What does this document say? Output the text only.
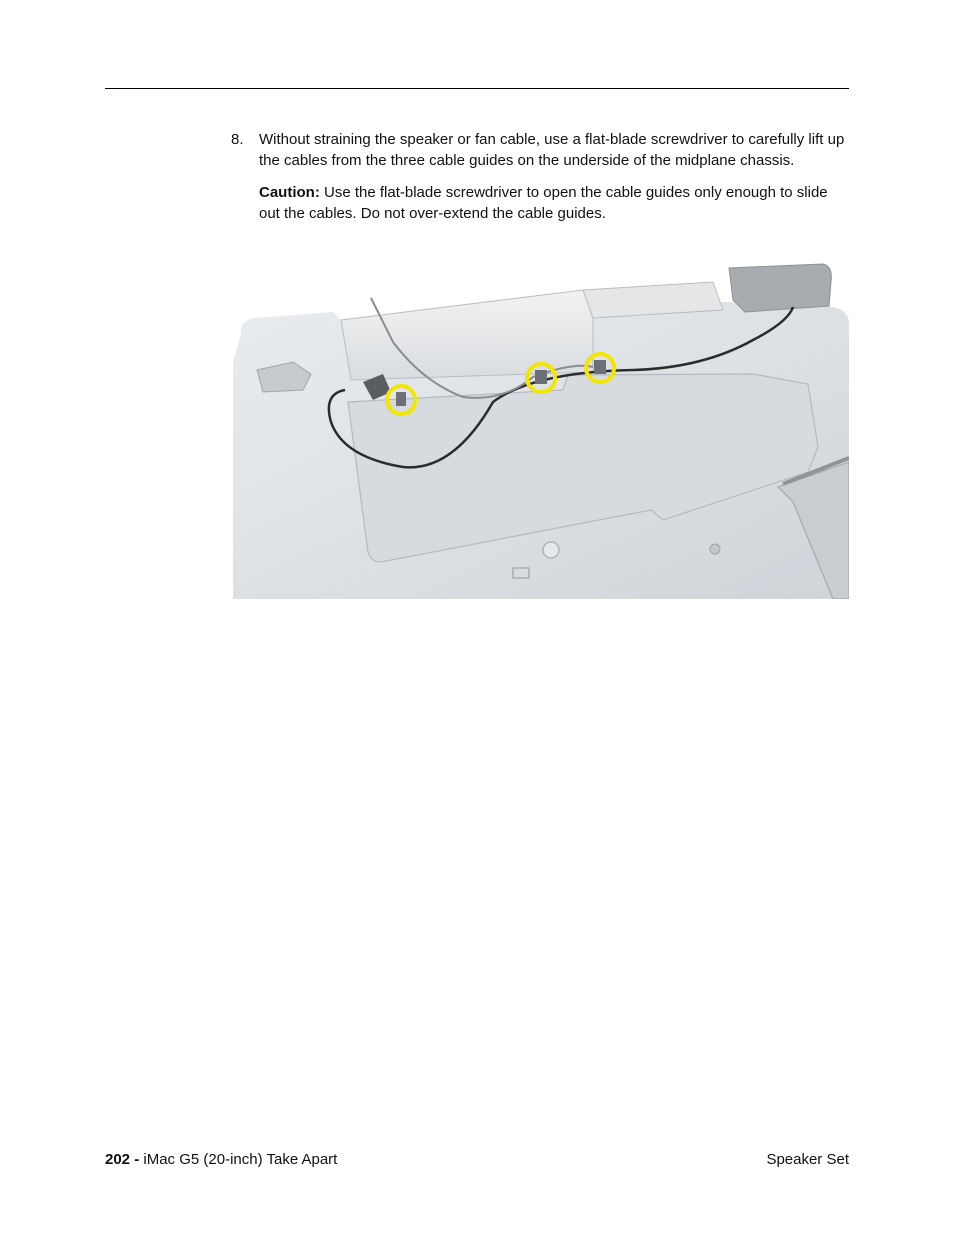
8. Without straining the speaker or fan cable, use a flat-blade screwdriver to carefully lift up the cables from the three cable guides on the underside of the midplane chassis.
Caution: Use the flat-blade screwdriver to open the cable guides only enough to slide out the cables. Do not over-extend the cable guides.
202 - iMac G5 (20-inch) Take Apart	Speaker Set
